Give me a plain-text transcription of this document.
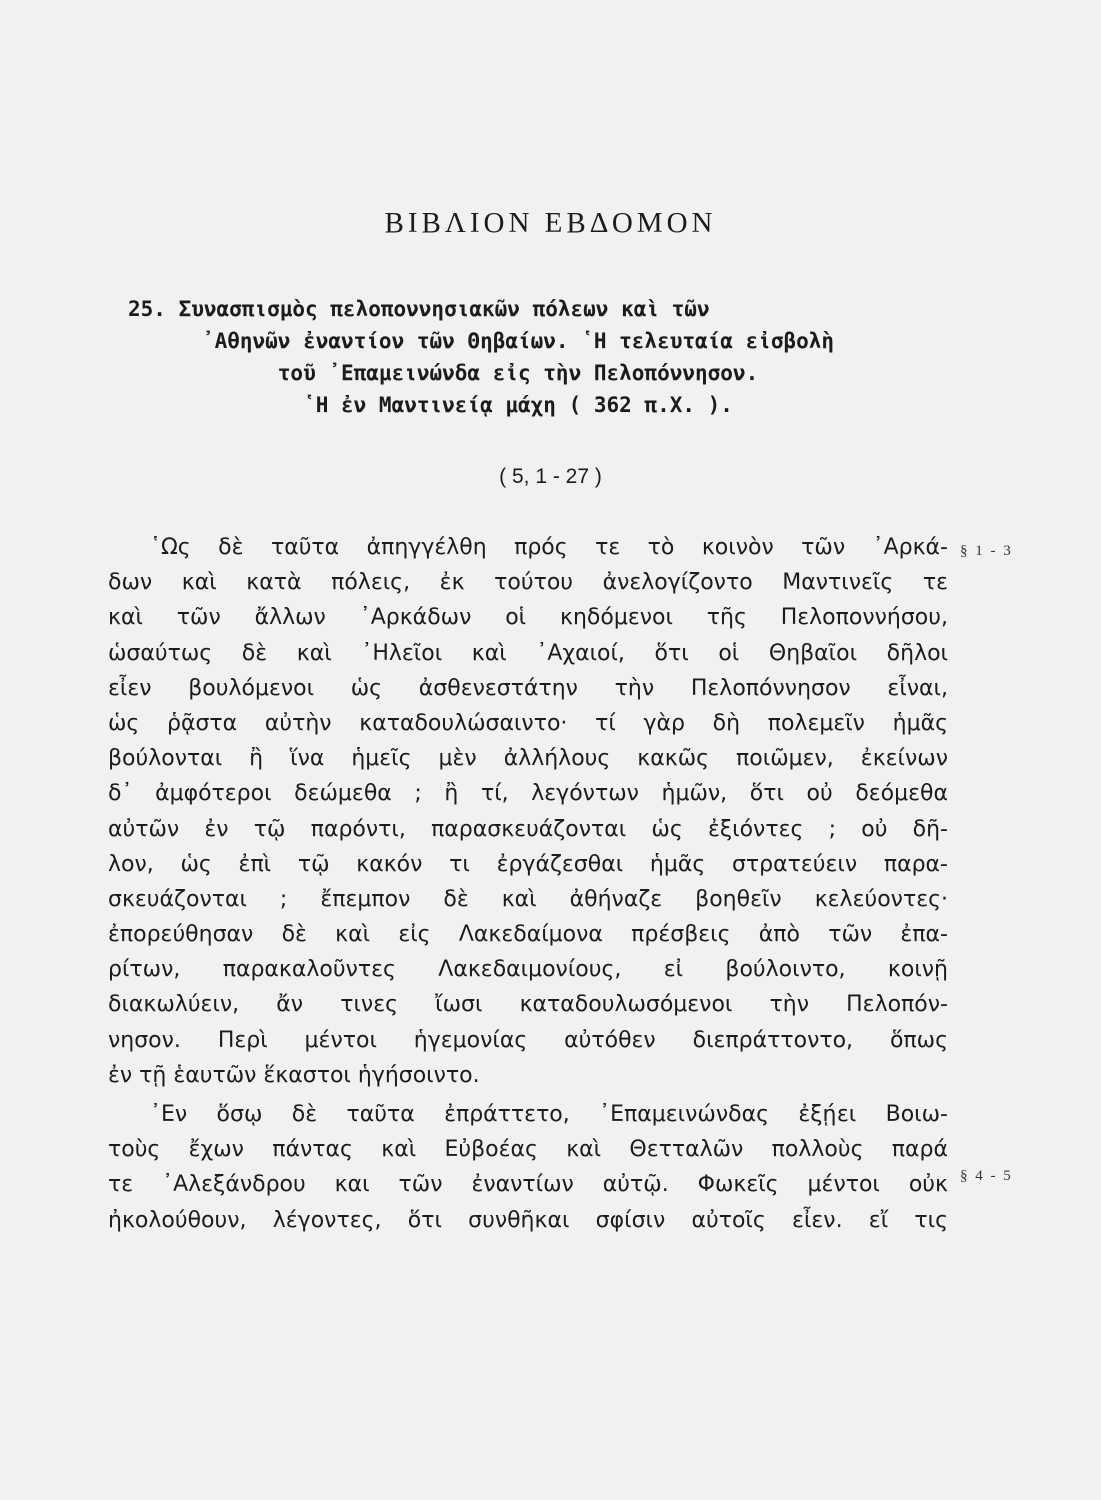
ΒΙΒΛΙΟΝ ΕΒΔΟΜΟΝ
25. Συνασπισμὸς πελοποννησιακῶν πόλεων καὶ τῶν
᾿Αθηνῶν ἐναντίον τῶν Θηβαίων. ῾Η τελευταία εἰσβολὴ
τοῦ ᾿Επαμεινώνδα εἰς τὴν Πελοπόννησον.
῾Η ἐν Μαντινείᾳ μάχη ( 362 π.Χ. ).

( 5, 1 - 27 )

῾Ως δὲ ταῦτα ἀπηγγέλθη πρός τε τὸ κοινὸν τῶν ᾿Αρκά-
δων καὶ κατὰ πόλεις, ἐκ τούτου ἀνελογίζοντο Μαντινεῖς τε
καὶ τῶν ἄλλων ᾿Αρκάδων οἱ κηδόμενοι τῆς Πελοποννήσου,
ὡσαύτως δὲ καὶ ᾿Ηλεῖοι καὶ ᾿Αχαιοί, ὅτι οἱ Θηβαῖοι δῆλοι
εἶεν βουλόμενοι ὡς ἀσθενεστάτην τὴν Πελοπόννησον εἶναι,
ὡς ῥᾷστα αὐτὴν καταδουλώσαιντο· τί γὰρ δὴ πολεμεῖν ἡμᾶς
βούλονται ἢ ἵνα ἡμεῖς μὲν ἀλλήλους κακῶς ποιῶμεν, ἐκείνων
δ᾿ ἀμφότεροι δεώμεθα ; ἢ τί, λεγόντων ἡμῶν, ὅτι οὐ δεόμεθα
αὐτῶν ἐν τῷ παρόντι, παρασκευάζονται ὡς ἐξιόντες ; οὐ δῆ-
λον, ὡς ἐπὶ τῷ κακόν τι ἐργάζεσθαι ἡμᾶς στρατεύειν παρα-
σκευάζονται ; ἔπεμπον δὲ καὶ ἀθήναζε βοηθεῖν κελεύοντες·
ἐπορεύθησαν δὲ καὶ εἰς Λακεδαίμονα πρέσβεις ἀπὸ τῶν ἐπα-
ρίτων, παρακαλοῦντες Λακεδαιμονίους, εἰ βούλοιντο, κοινῇ
διακωλύειν, ἄν τινες ἴωσι καταδουλωσόμενοι τὴν Πελοπόν-
νησον. Περὶ μέντοι ἡγεμονίας αὐτόθεν διεπράττοντο, ὅπως
ἐν τῇ ἑαυτῶν ἕκαστοι ἡγήσοιντο.
᾿Εν ὅσῳ δὲ ταῦτα ἐπράττετο, ᾿Επαμεινώνδας ἐξῄει Βοιω-
τοὺς ἔχων πάντας καὶ Εὐβοέας καὶ Θετταλῶν πολλοὺς παρά
τε ᾿Αλεξάνδρου και τῶν ἐναντίων αὐτῷ. Φωκεῖς μέντοι οὐκ
ἠκολούθουν, λέγοντες, ὅτι συνθῆκαι σφίσιν αὐτοῖς εἶεν. εἴ τις
§ 1 - 3
§ 4 - 5
